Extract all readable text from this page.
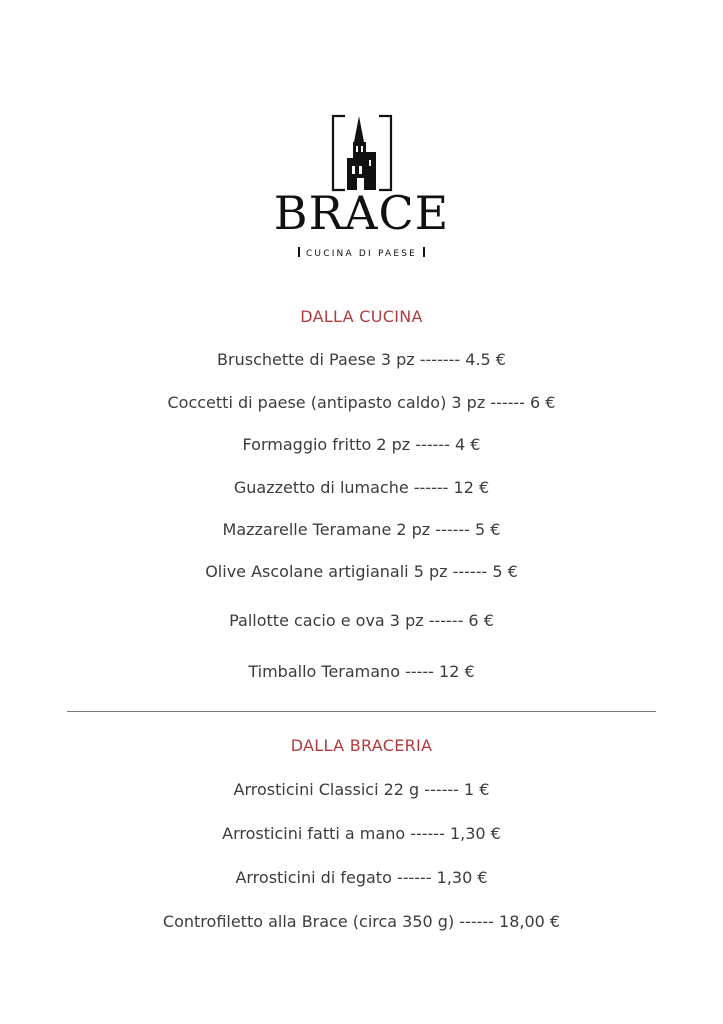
BRACE
CUCINA DI PAESE
DALLA CUCINA
Bruschette di Paese 3 pz ------- 4.5 €
Coccetti di paese (antipasto caldo) 3 pz ------ 6 €
Formaggio fritto 2 pz ------ 4 €
Guazzetto di lumache ------ 12 €
Mazzarelle Teramane 2 pz ------ 5 €
Olive Ascolane artigianali 5 pz ------ 5 €
Pallotte cacio e ova 3 pz ------ 6 €
Timballo Teramano ----- 12 €
DALLA BRACERIA
Arrosticini Classici 22 g ------ 1 €
Arrosticini fatti a mano ------ 1,30 €
Arrosticini di fegato ------ 1,30 €
Controfiletto alla Brace (circa 350 g) ------ 18,00 €
